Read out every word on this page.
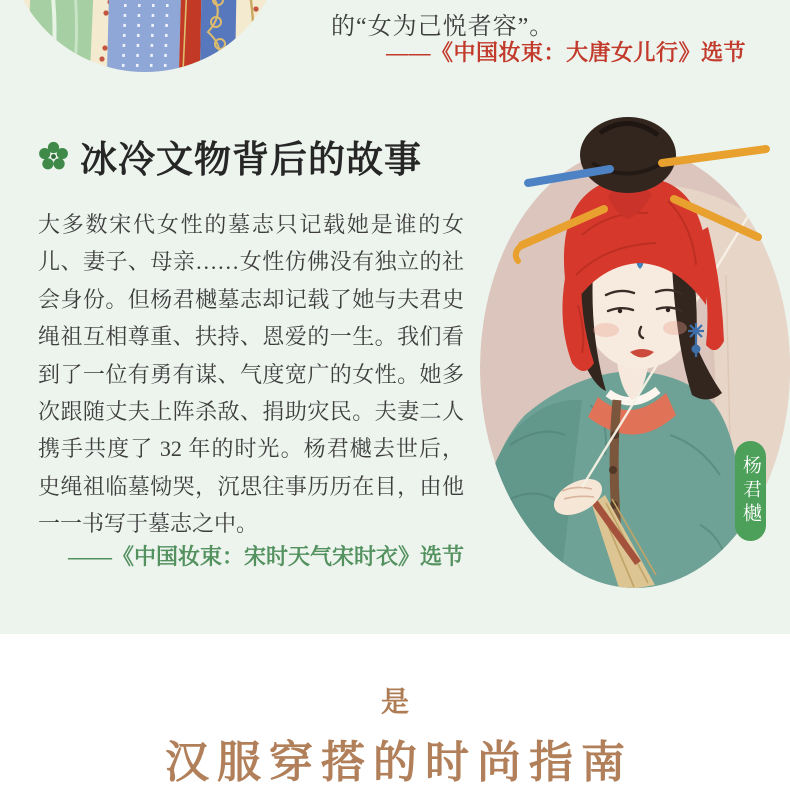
的“女为己悦者容”。
——《中国妆束：大唐女儿行》选节
冰冷文物背后的故事
大多数宋代女性的墓志只记载她是谁的女
儿、妻子、母亲……女性仿佛没有独立的社
会身份。但杨君樾墓志却记载了她与夫君史
绳祖互相尊重、扶持、恩爱的一生。我们看
到了一位有勇有谋、气度宽广的女性。她多
次跟随丈夫上阵杀敌、捐助灾民。夫妻二人
携手共度了 32 年的时光。杨君樾去世后，
史绳祖临墓恸哭，沉思往事历历在目，由他
一一书写于墓志之中。
——《中国妆束：宋时天气宋时衣》选节
杨君樾
是
汉服穿搭的时尚指南
